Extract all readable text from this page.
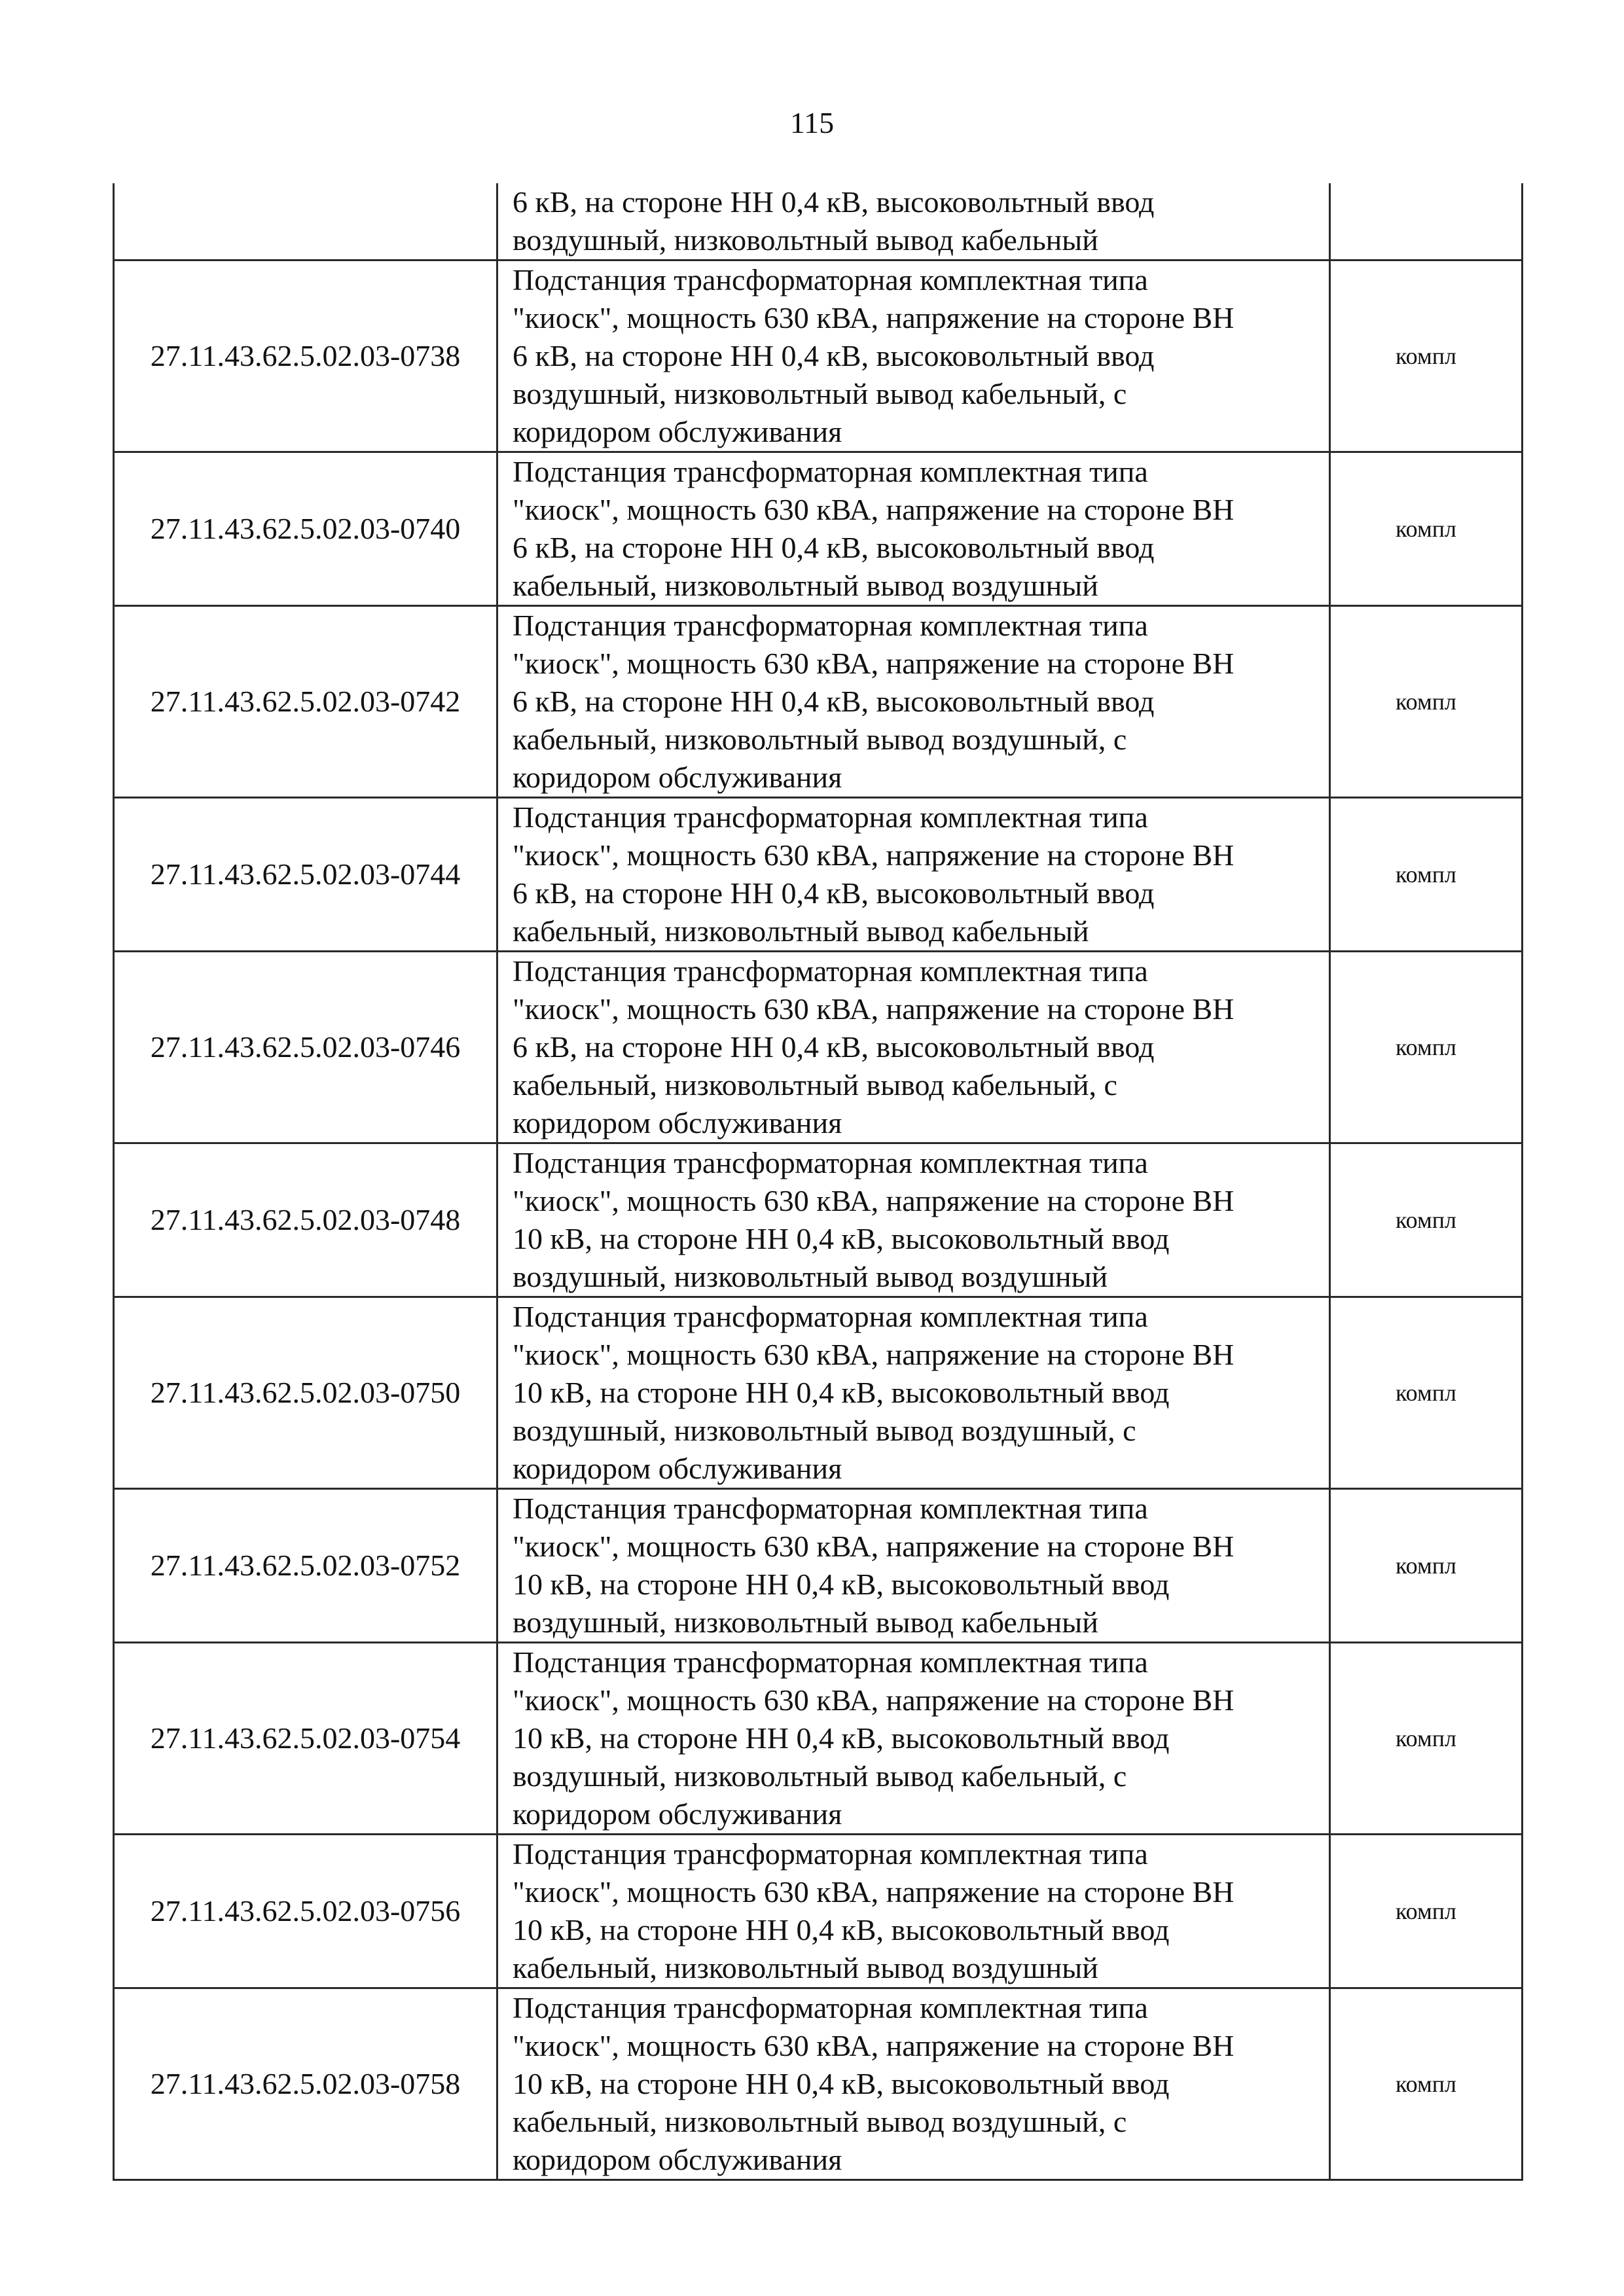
115

	6 кВ, на стороне НН 0,4 кВ, высоковольтный ввод
воздушный, низковольтный вывод кабельный	

27.11.43.62.5.02.03-0738	Подстанция трансформаторная комплектная типа
"киоск", мощность 630 кВА, напряжение на стороне ВН
6 кВ, на стороне НН 0,4 кВ, высоковольтный ввод
воздушный, низковольтный вывод кабельный, с
коридором обслуживания	компл
27.11.43.62.5.02.03-0740	Подстанция трансформаторная комплектная типа
"киоск", мощность 630 кВА, напряжение на стороне ВН
6 кВ, на стороне НН 0,4 кВ, высоковольтный ввод
кабельный, низковольтный вывод воздушный	компл
27.11.43.62.5.02.03-0742	Подстанция трансформаторная комплектная типа
"киоск", мощность 630 кВА, напряжение на стороне ВН
6 кВ, на стороне НН 0,4 кВ, высоковольтный ввод
кабельный, низковольтный вывод воздушный, с
коридором обслуживания	компл
27.11.43.62.5.02.03-0744	Подстанция трансформаторная комплектная типа
"киоск", мощность 630 кВА, напряжение на стороне ВН
6 кВ, на стороне НН 0,4 кВ, высоковольтный ввод
кабельный, низковольтный вывод кабельный	компл
27.11.43.62.5.02.03-0746	Подстанция трансформаторная комплектная типа
"киоск", мощность 630 кВА, напряжение на стороне ВН
6 кВ, на стороне НН 0,4 кВ, высоковольтный ввод
кабельный, низковольтный вывод кабельный, с
коридором обслуживания	компл
27.11.43.62.5.02.03-0748	Подстанция трансформаторная комплектная типа
"киоск", мощность 630 кВА, напряжение на стороне ВН
10 кВ, на стороне НН 0,4 кВ, высоковольтный ввод
воздушный, низковольтный вывод воздушный	компл
27.11.43.62.5.02.03-0750	Подстанция трансформаторная комплектная типа
"киоск", мощность 630 кВА, напряжение на стороне ВН
10 кВ, на стороне НН 0,4 кВ, высоковольтный ввод
воздушный, низковольтный вывод воздушный, с
коридором обслуживания	компл
27.11.43.62.5.02.03-0752	Подстанция трансформаторная комплектная типа
"киоск", мощность 630 кВА, напряжение на стороне ВН
10 кВ, на стороне НН 0,4 кВ, высоковольтный ввод
воздушный, низковольтный вывод кабельный	компл
27.11.43.62.5.02.03-0754	Подстанция трансформаторная комплектная типа
"киоск", мощность 630 кВА, напряжение на стороне ВН
10 кВ, на стороне НН 0,4 кВ, высоковольтный ввод
воздушный, низковольтный вывод кабельный, с
коридором обслуживания	компл
27.11.43.62.5.02.03-0756	Подстанция трансформаторная комплектная типа
"киоск", мощность 630 кВА, напряжение на стороне ВН
10 кВ, на стороне НН 0,4 кВ, высоковольтный ввод
кабельный, низковольтный вывод воздушный	компл
27.11.43.62.5.02.03-0758	Подстанция трансформаторная комплектная типа
"киоск", мощность 630 кВА, напряжение на стороне ВН
10 кВ, на стороне НН 0,4 кВ, высоковольтный ввод
кабельный, низковольтный вывод воздушный, с
коридором обслуживания	компл
